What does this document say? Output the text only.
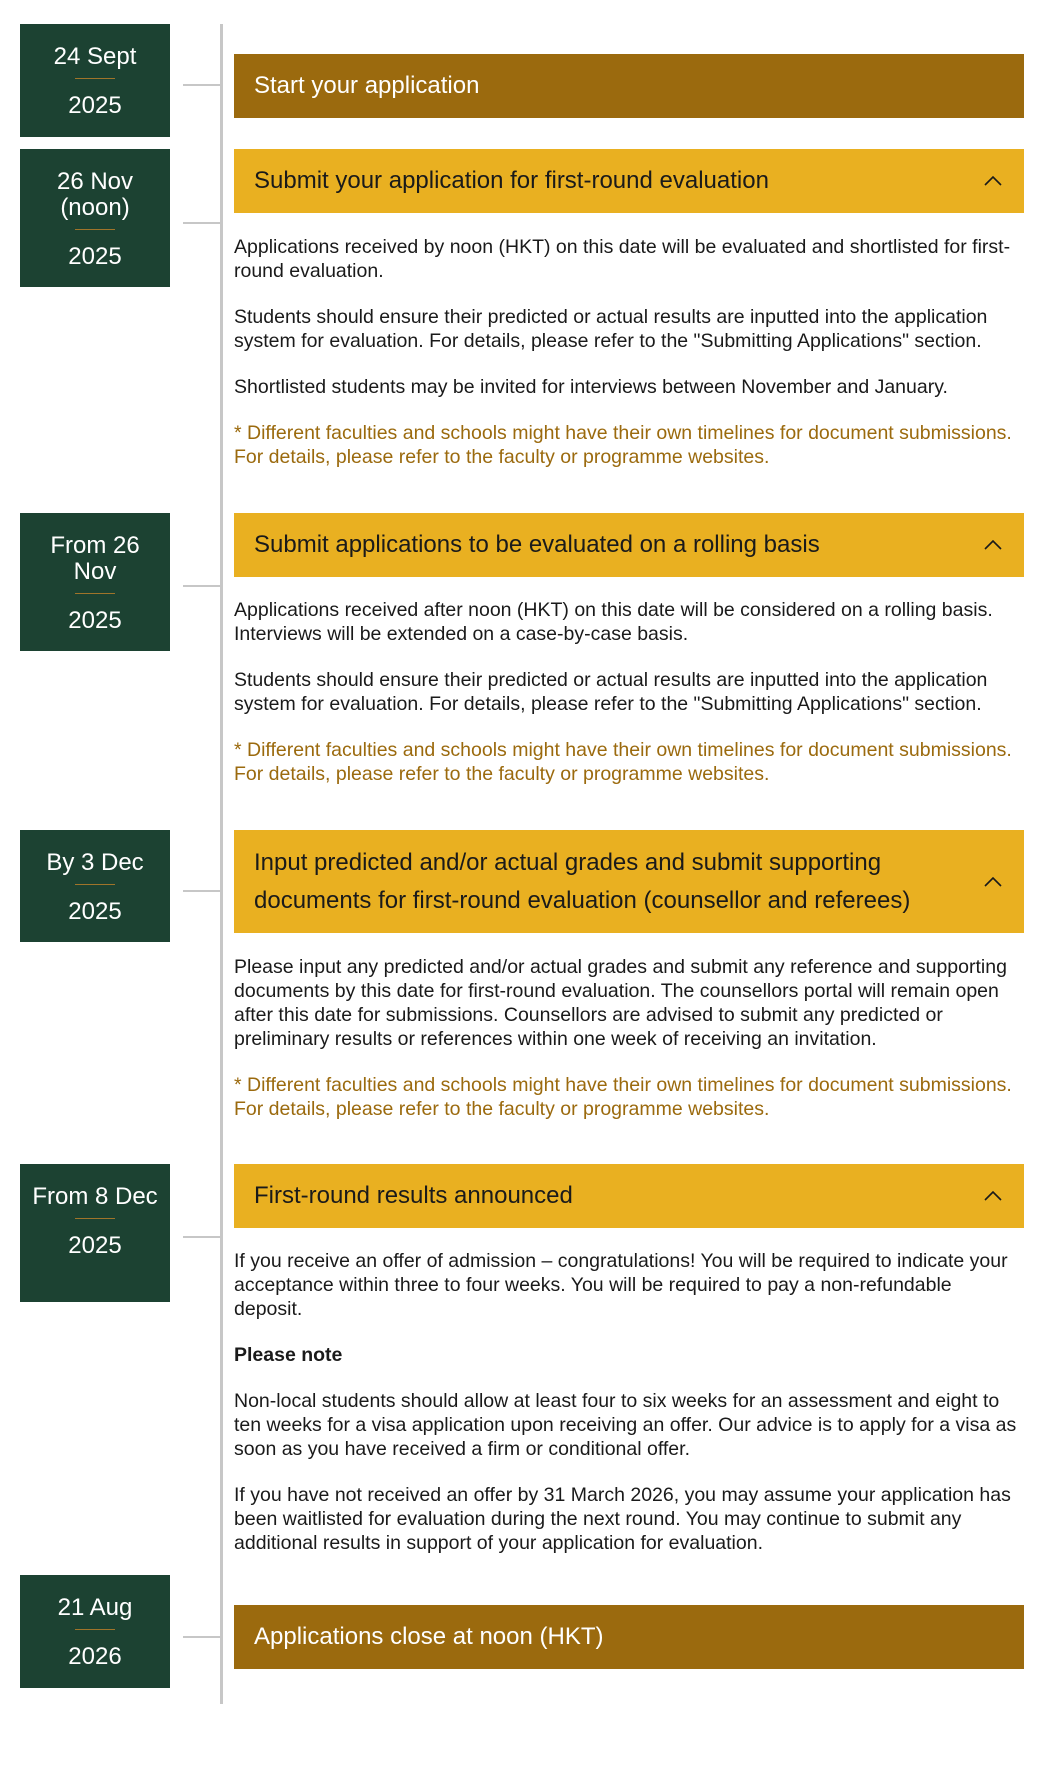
24 Sept
2025
Start your application
26 Nov (noon)
2025
Submit your application for first-round evaluation

Applications received by noon (HKT) on this date will be evaluated and shortlisted for first-round evaluation.

Students should ensure their predicted or actual results are inputted into the application system for evaluation. For details, please refer to the "Submitting Applications" section.

Shortlisted students may be invited for interviews between November and January.

* Different faculties and schools might have their own timelines for document submissions. For details, please refer to the faculty or programme websites.

From 26 Nov
2025
Submit applications to be evaluated on a rolling basis

Applications received after noon (HKT) on this date will be considered on a rolling basis. Interviews will be extended on a case-by-case basis.

Students should ensure their predicted or actual results are inputted into the application system for evaluation. For details, please refer to the "Submitting Applications" section.

* Different faculties and schools might have their own timelines for document submissions. For details, please refer to the faculty or programme websites.

By 3 Dec
2025
Input predicted and/or actual grades and submit supporting documents for first-round evaluation (counsellor and referees)

Please input any predicted and/or actual grades and submit any reference and supporting documents by this date for first-round evaluation. The counsellors portal will remain open after this date for submissions. Counsellors are advised to submit any predicted or preliminary results or references within one week of receiving an invitation.

* Different faculties and schools might have their own timelines for document submissions. For details, please refer to the faculty or programme websites.

From 8 Dec
2025
First-round results announced

If you receive an offer of admission – congratulations! You will be required to indicate your acceptance within three to four weeks. You will be required to pay a non-refundable deposit.

Please note

Non-local students should allow at least four to six weeks for an assessment and eight to ten weeks for a visa application upon receiving an offer. Our advice is to apply for a visa as soon as you have received a firm or conditional offer.

If you have not received an offer by 31 March 2026, you may assume your application has been waitlisted for evaluation during the next round. You may continue to submit any additional results in support of your application for evaluation.

21 Aug
2026
Applications close at noon (HKT)
